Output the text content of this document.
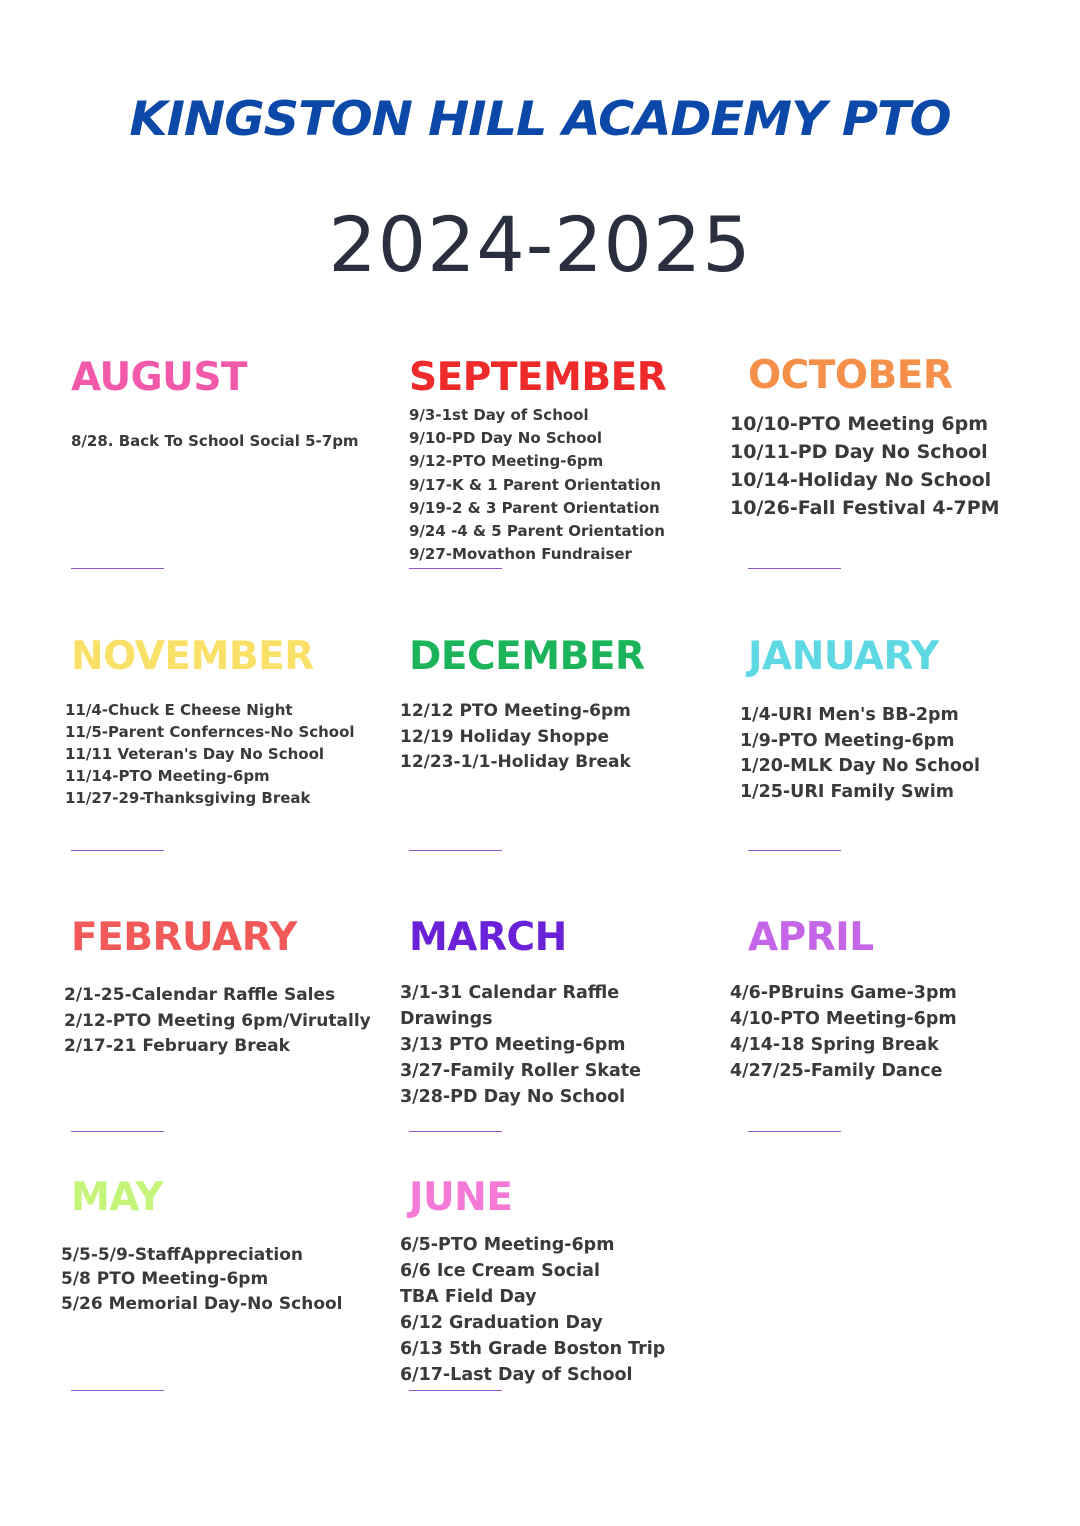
KINGSTON HILL ACADEMY PTO
2024-2025
AUGUST
8/28. Back To School Social 5-7pm
SEPTEMBER
9/3-1st Day of School
9/10-PD Day No School
9/12-PTO Meeting-6pm
9/17-K & 1 Parent Orientation
9/19-2 & 3 Parent Orientation
9/24 -4 & 5 Parent Orientation
9/27-Movathon Fundraiser
OCTOBER
10/10-PTO Meeting 6pm
10/11-PD Day No School
10/14-Holiday No School
10/26-Fall Festival 4-7PM
NOVEMBER
11/4-Chuck E Cheese Night
11/5-Parent Confernces-No School
11/11 Veteran's Day No School
11/14-PTO Meeting-6pm
11/27-29-Thanksgiving Break
DECEMBER
12/12 PTO Meeting-6pm
12/19 Holiday Shoppe
12/23-1/1-Holiday Break
JANUARY
1/4-URI Men's BB-2pm
1/9-PTO Meeting-6pm
1/20-MLK Day No School
1/25-URI Family Swim
FEBRUARY
2/1-25-Calendar Raffle Sales
2/12-PTO Meeting 6pm/Virutally
2/17-21 February Break
MARCH
3/1-31 Calendar Raffle
Drawings
3/13 PTO Meeting-6pm
3/27-Family Roller Skate
3/28-PD Day No School
APRIL
4/6-PBruins Game-3pm
4/10-PTO Meeting-6pm
4/14-18 Spring Break
4/27/25-Family Dance
MAY
5/5-5/9-StaffAppreciation
5/8 PTO Meeting-6pm
5/26 Memorial Day-No School
JUNE
6/5-PTO Meeting-6pm
6/6 Ice Cream Social
TBA Field Day
6/12 Graduation Day
6/13 5th Grade Boston Trip
6/17-Last Day of School
